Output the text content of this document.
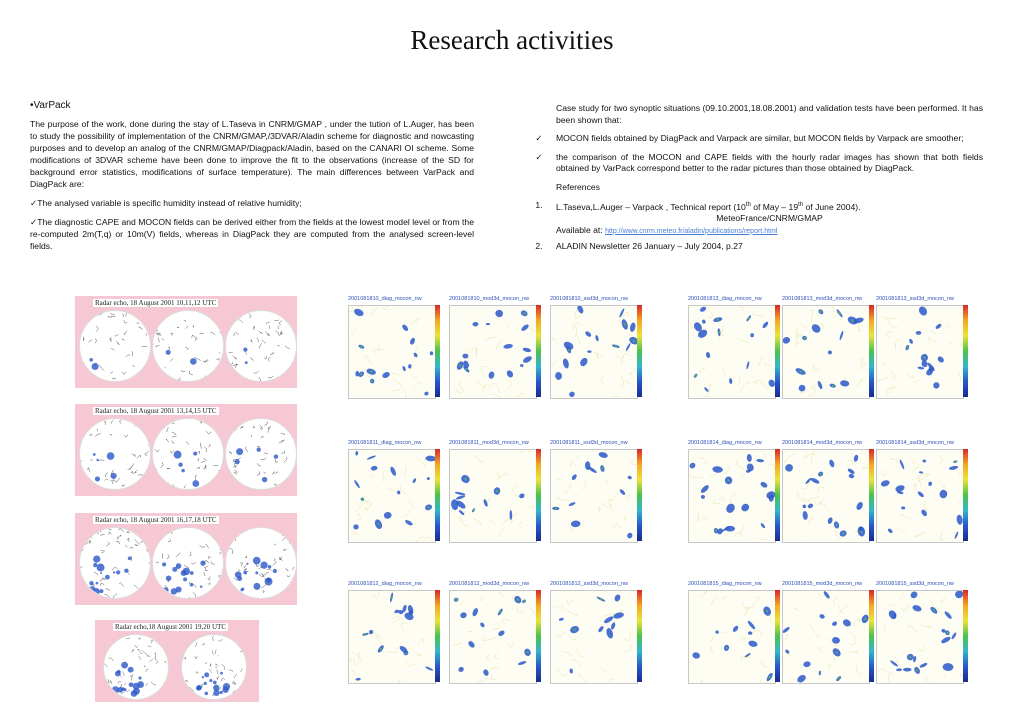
Research activities

•VarPack

The purpose of the work, done during the stay of L.Taseva in CNRM/GMAP , under the tution of L.Auger, has been to study the possibility of implementation of the CNRM/GMAP,/3DVAR/Aladin scheme for diagnostic and nowcasting purposes and to develop an analog of the CNRM/GMAP/Diagpack/Aladin, based on the CANARI OI scheme. Some modifications of 3DVAR scheme have been done to improve the fit to the observations (increase of the SD for background error statistics, modifications of surface temperature). The main differences between VarPack and DiagPack are:

✓The analysed variable is specific humidity instead of relative humidity;

✓The diagnostic CAPE and MOCON fields can be derived either from the fields at the lowest model level or from the re-computed 2m(T,q) or 10m(V) fields, whereas in DiagPack they are computed from the analysed screen-level fields.

Case study for two synoptic situations (09.10.2001,18.08.2001) and validation tests have been performed. It has been shown that:
✓	MOCON fields obtained by DiagPack and Varpack are similar, but MOCON fields by Varpack are smoother;
✓	the comparison of the MOCON and CAPE fields with the hourly radar images has shown that both fields obtained by VarPack correspond better to the radar pictures than those obtained by DiagPack.
References
1.	L.Taseva,L.Auger – Varpack , Technical report (10th of May – 19th of June 2004).
MeteoFrance/CNRM/GMAP
Available at: http://www.cnrm.meteo.fr/aladin/publications/report.html
2.	ALADIN Newsletter 26 January – July 2004, p.27
Radar echo, 18 August 2001 10,11,12 UTC
Radar echo, 18 August 2001 13,14,15 UTC
Radar echo, 18 August 2001 16,17,18 UTC
Radar echo,18 August 2001 19,20 UTC
2001081810_diag_mocon_nw	2001081810_mod3d_mocon_nw	2001081810_ssd3d_mocon_nw
2001081811_diag_mocon_nw	2001081811_mod3d_mocon_nw	2001081811_ssd3d_mocon_nw
2001081812_diag_mocon_nw	2001081812_mod3d_mocon_nw	2001081812_ssd3d_mocon_nw
2001081813_diag_mocon_nw	2001081813_mod3d_mocon_nw	2001081813_ssd3d_mocon_nw
2001081814_diag_mocon_nw	2001081814_mod3d_mocon_nw	2001081814_ssd3d_mocon_nw
2001081815_diag_mocon_nw	2001081815_mod3d_mocon_nw	2001081815_ssd3d_mocon_nw
